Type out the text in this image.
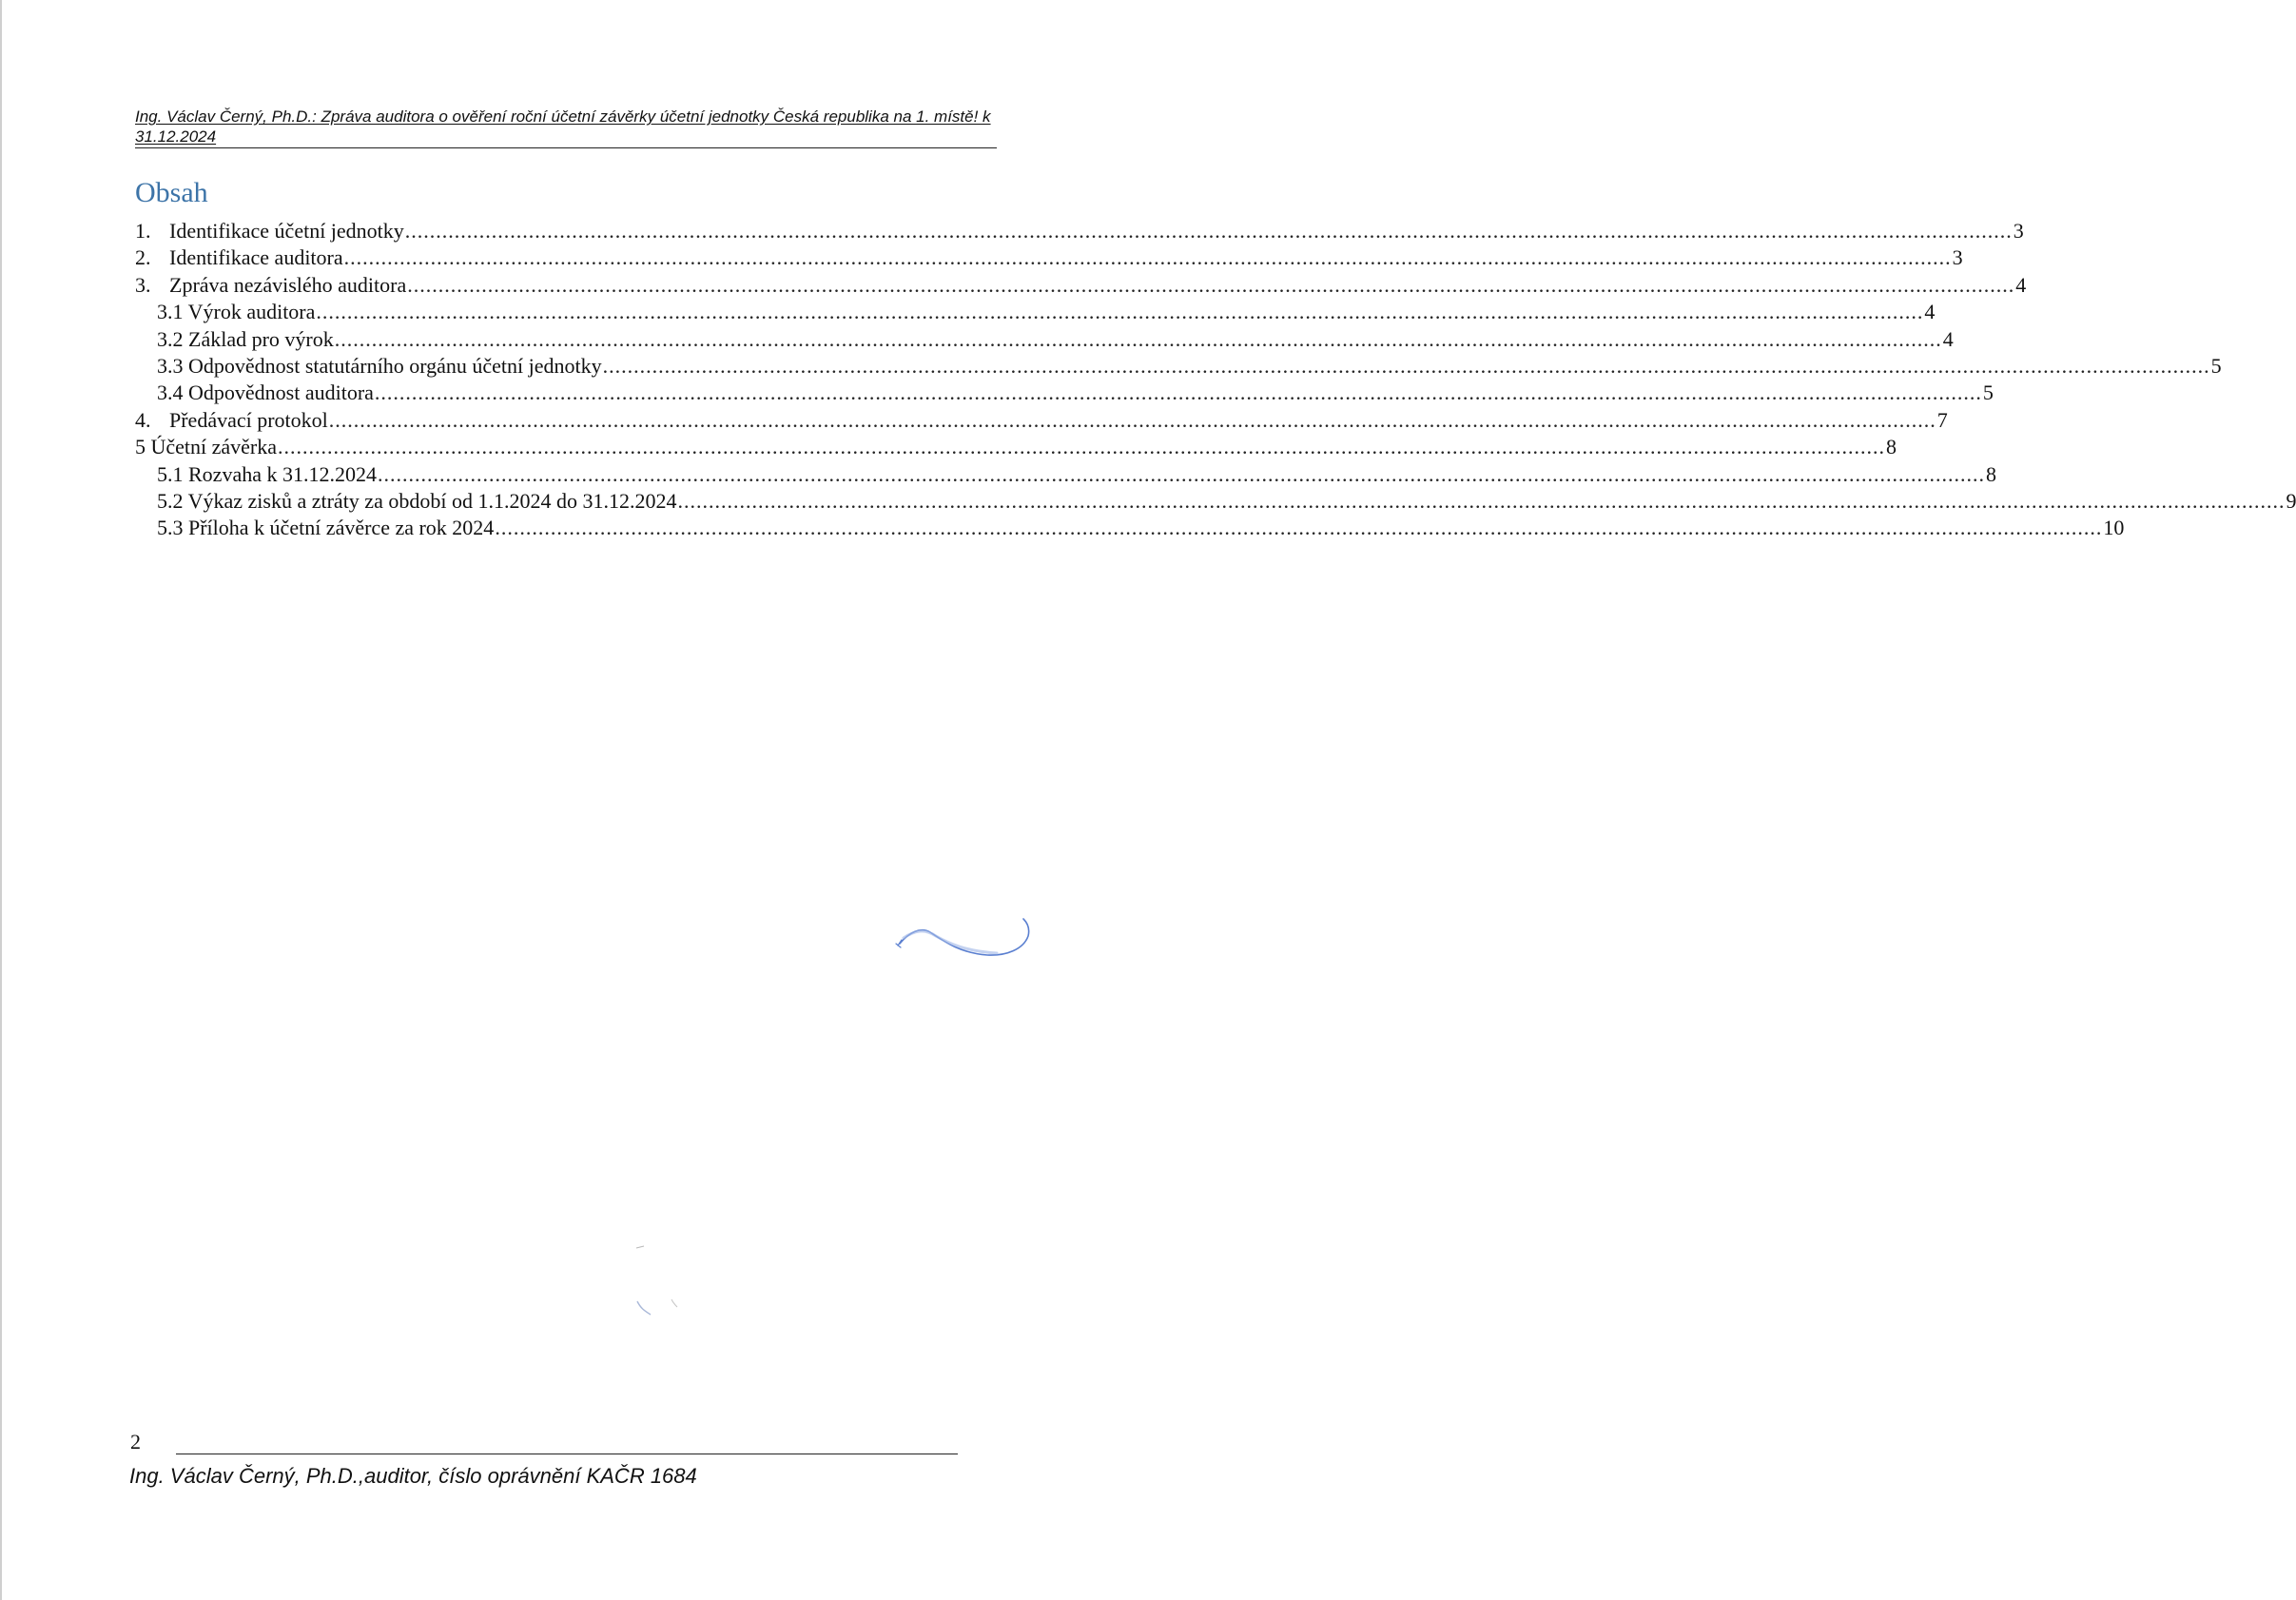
Ing. Václav Černý, Ph.D.: Zpráva auditora o ověření roční účetní závěrky účetní jednotky Česká republika na 1. místě! k 31.12.2024
Obsah
1. Identifikace účetní jednotky .................................................................................................................................................................................................................................................................... 3
2. Identifikace auditora .................................................................................................................................................................................................................................................................... 3
3. Zpráva nezávislého auditora .................................................................................................................................................................................................................................................................... 4
3.1 Výrok auditora .................................................................................................................................................................................................................................................................... 4
3.2 Základ pro výrok .................................................................................................................................................................................................................................................................... 4
3.3 Odpovědnost statutárního orgánu účetní jednotky .................................................................................................................................................................................................................................................................... 5
3.4 Odpovědnost auditora .................................................................................................................................................................................................................................................................... 5
4. Předávací protokol .................................................................................................................................................................................................................................................................... 7
5 Účetní závěrka .................................................................................................................................................................................................................................................................... 8
5.1 Rozvaha k 31.12.2024 .................................................................................................................................................................................................................................................................... 8
5.2 Výkaz zisků a ztráty za období od 1.1.2024 do 31.12.2024 .................................................................................................................................................................................................................................................................... 9
5.3 Příloha k účetní závěrce za rok 2024 .................................................................................................................................................................................................................................................................... 10
2
Ing. Václav Černý, Ph.D.,auditor, číslo oprávnění KAČR 1684
